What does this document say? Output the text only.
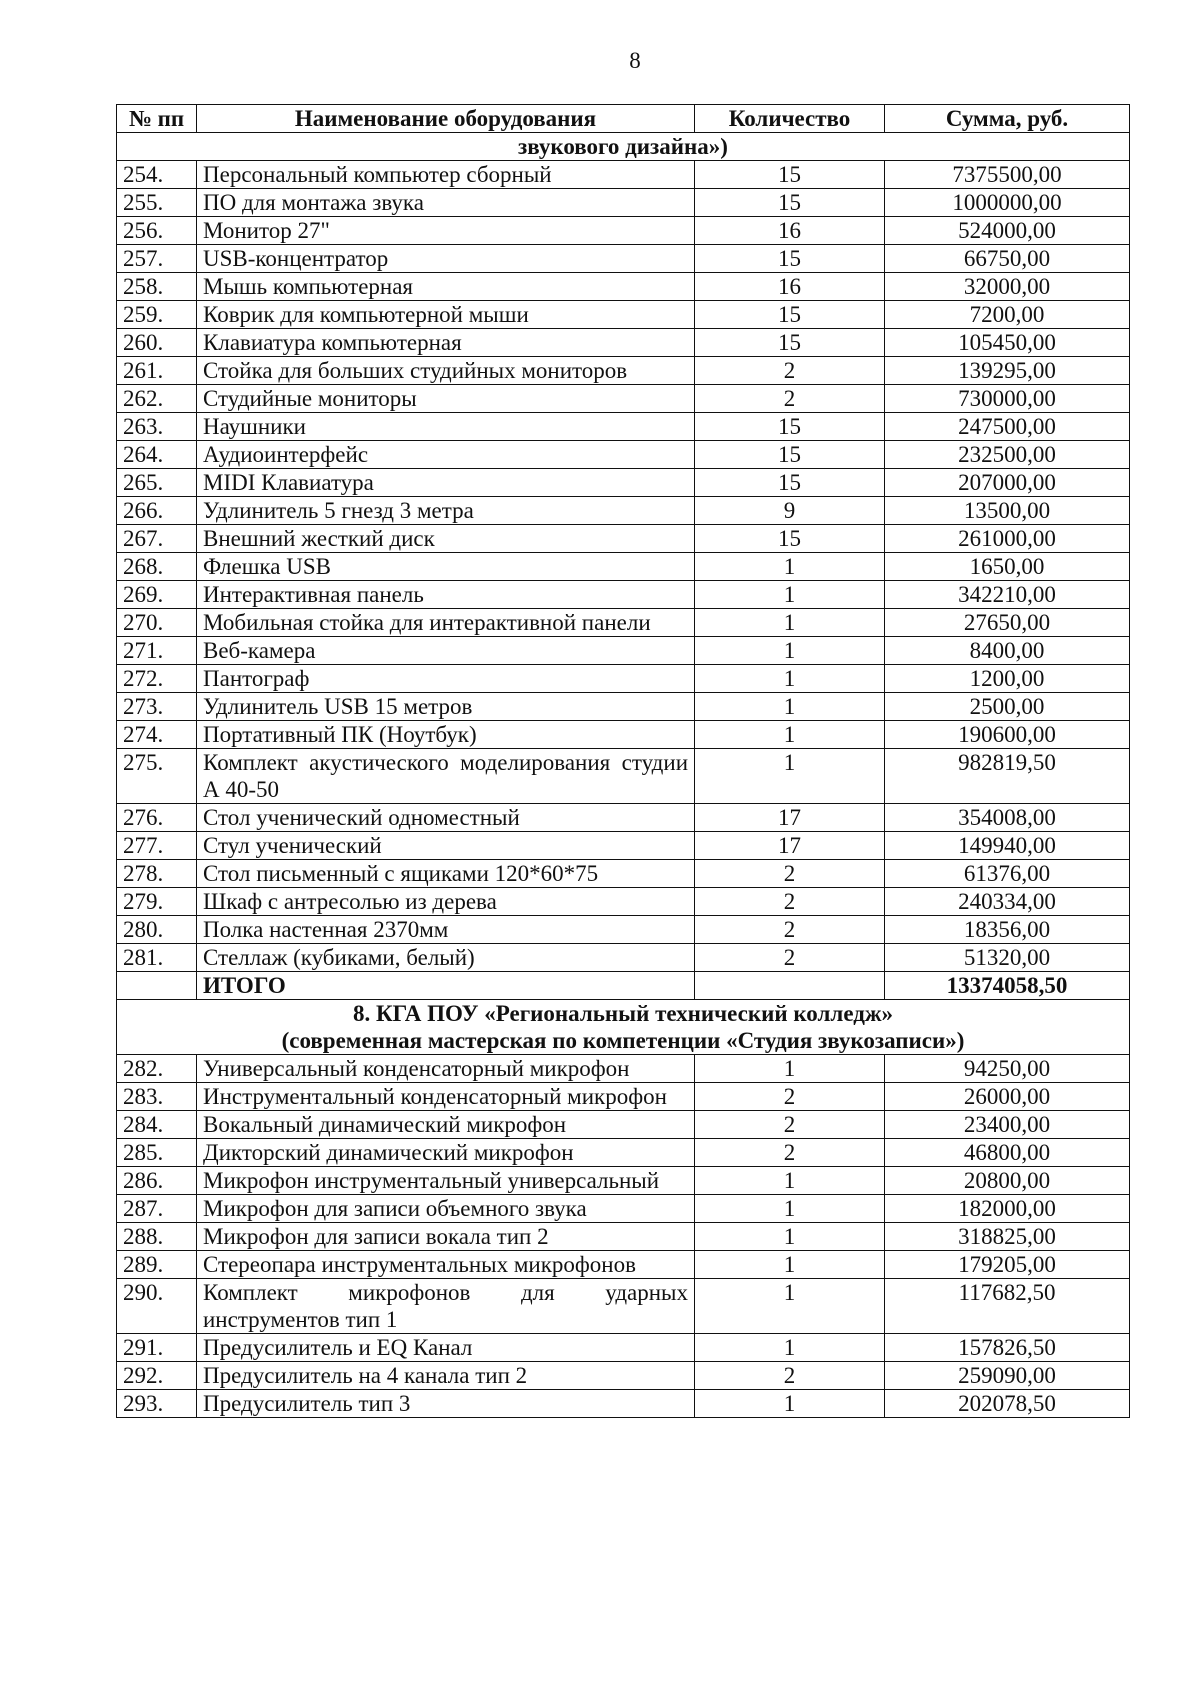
8
№ пп	Наименование оборудования	Количество	Сумма, руб.
звукового дизайна»)			
254.	Персональный компьютер сборный	15	7375500,00
255.	ПО для монтажа звука	15	1000000,00
256.	Монитор 27"	16	524000,00
257.	USB-концентратор	15	66750,00
258.	Мышь компьютерная	16	32000,00
259.	Коврик для компьютерной мыши	15	7200,00
260.	Клавиатура компьютерная	15	105450,00
261.	Стойка для больших студийных мониторов	2	139295,00
262.	Студийные мониторы	2	730000,00
263.	Наушники	15	247500,00
264.	Аудиоинтерфейс	15	232500,00
265.	MIDI Клавиатура	15	207000,00
266.	Удлинитель 5 гнезд 3 метра	9	13500,00
267.	Внешний жесткий диск	15	261000,00
268.	Флешка USB	1	1650,00
269.	Интерактивная панель	1	342210,00
270.	Мобильная стойка для интерактивной панели	1	27650,00
271.	Веб-камера	1	8400,00
272.	Пантограф	1	1200,00
273.	Удлинитель USB 15 метров	1	2500,00
274.	Портативный ПК (Ноутбук)	1	190600,00
275.	Комплект акустического моделирования студии А 40-50	1	982819,50
276.	Стол ученический одноместный	17	354008,00
277.	Стул ученический	17	149940,00
278.	Стол письменный с ящиками 120*60*75	2	61376,00
279.	Шкаф с антресолью из дерева	2	240334,00
280.	Полка настенная 2370мм	2	18356,00
281.	Стеллаж (кубиками, белый)	2	51320,00
	ИТОГО		13374058,50

8. КГА ПОУ «Региональный технический колледж»
(современная мастерская по компетенции «Студия звукозаписи»)			

282.	Универсальный конденсаторный микрофон	1	94250,00
283.	Инструментальный конденсаторный микрофон	2	26000,00
284.	Вокальный динамический микрофон	2	23400,00
285.	Дикторский динамический микрофон	2	46800,00
286.	Микрофон инструментальный универсальный	1	20800,00
287.	Микрофон для записи объемного звука	1	182000,00
288.	Микрофон для записи вокала тип 2	1	318825,00
289.	Стереопара инструментальных микрофонов	1	179205,00
290.	Комплект микрофонов для ударных инструментов тип 1	1	117682,50
291.	Предусилитель и EQ Канал	1	157826,50
292.	Предусилитель на 4 канала тип 2	2	259090,00
293.	Предусилитель тип 3	1	202078,50
